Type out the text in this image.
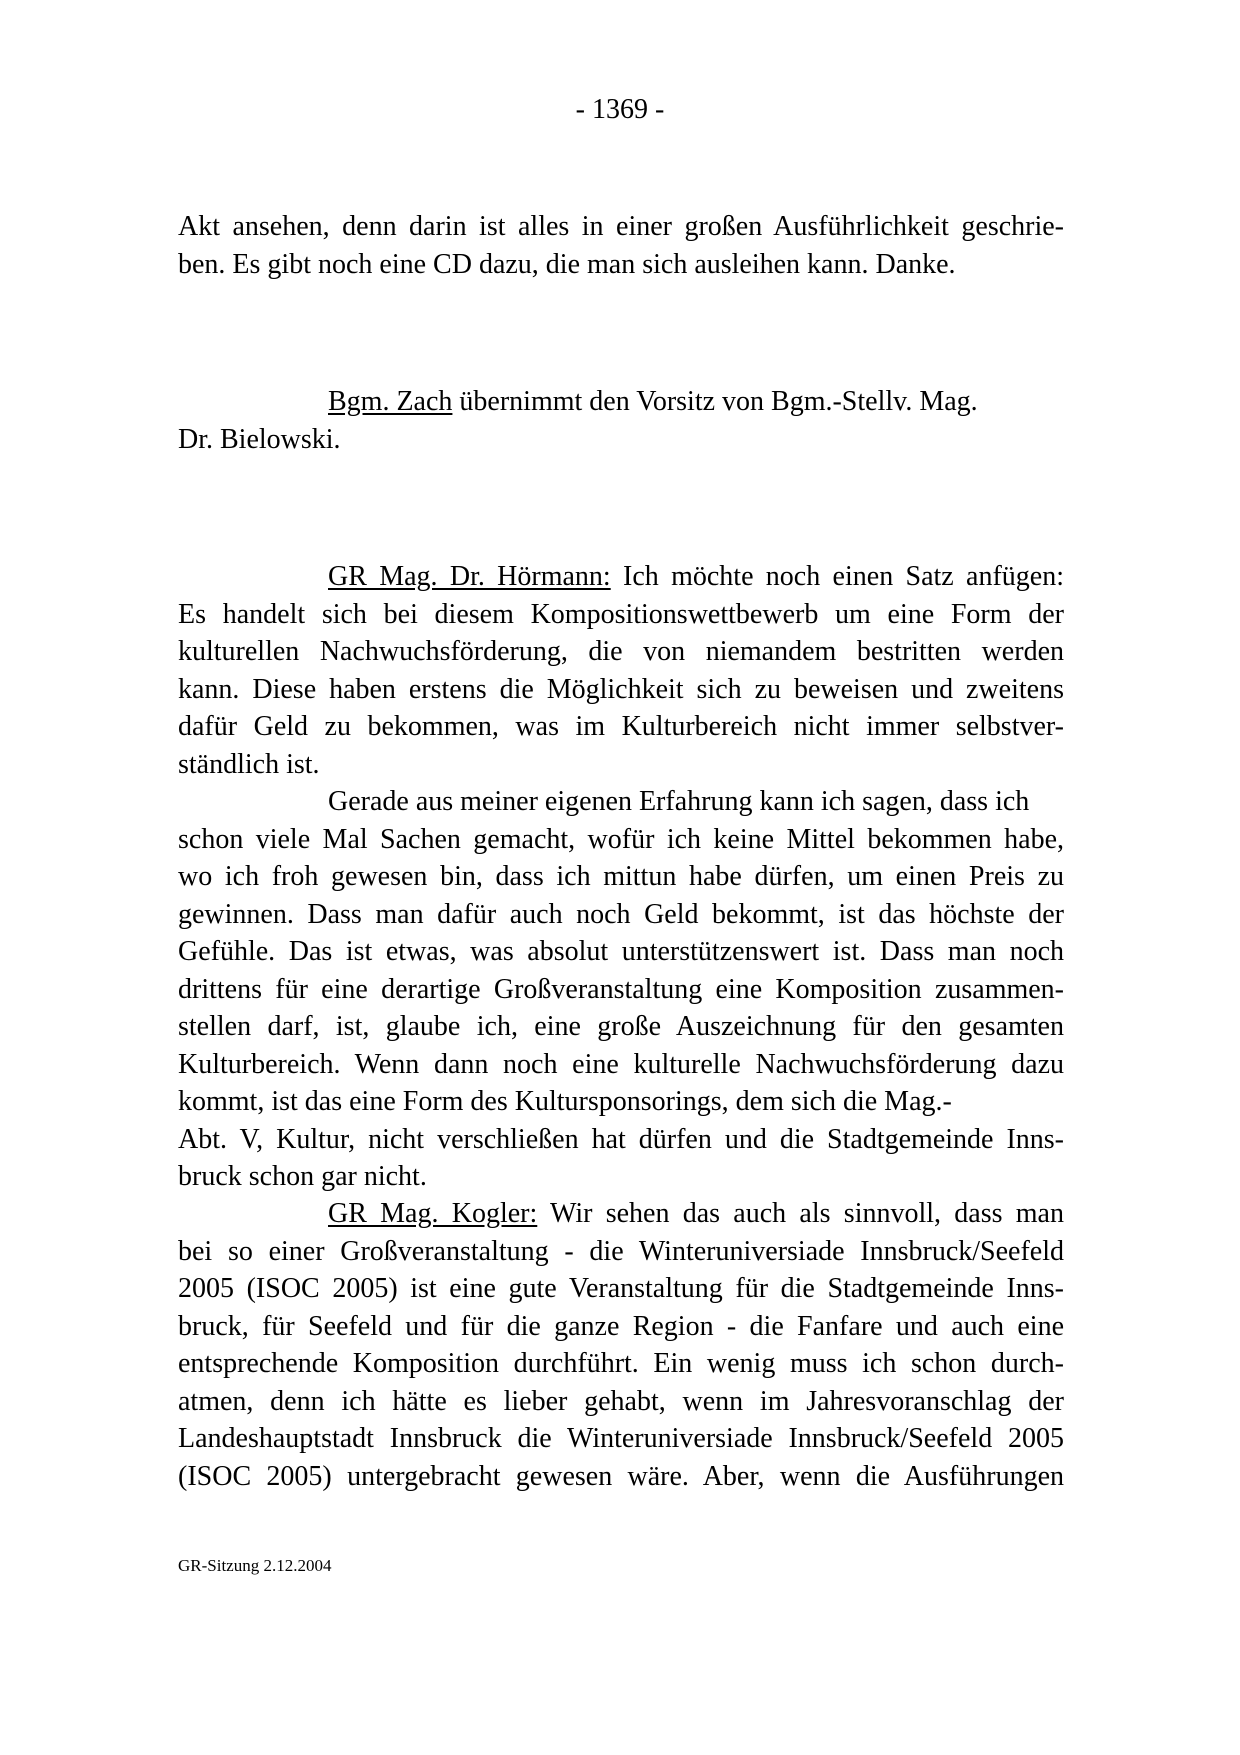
- 1369 -
Akt ansehen, denn darin ist alles in einer großen Ausführlichkeit geschrie-
ben. Es gibt noch eine CD dazu, die man sich ausleihen kann. Danke.
Bgm. Zach übernimmt den Vorsitz von Bgm.-Stellv. Mag.
Dr. Bielowski.
GR Mag. Dr. Hörmann: Ich möchte noch einen Satz anfügen:
Es handelt sich bei diesem Kompositionswettbewerb um eine Form der
kulturellen Nachwuchsförderung, die von niemandem bestritten werden
kann. Diese haben erstens die Möglichkeit sich zu beweisen und zweitens
dafür Geld zu bekommen, was im Kulturbereich nicht immer selbstver-
ständlich ist.
Gerade aus meiner eigenen Erfahrung kann ich sagen, dass ich
schon viele Mal Sachen gemacht, wofür ich keine Mittel bekommen habe,
wo ich froh gewesen bin, dass ich mittun habe dürfen, um einen Preis zu
gewinnen. Dass man dafür auch noch Geld bekommt, ist das höchste der
Gefühle. Das ist etwas, was absolut unterstützenswert ist. Dass man noch
drittens für eine derartige Großveranstaltung eine Komposition zusammen-
stellen darf, ist, glaube ich, eine große Auszeichnung für den gesamten
Kulturbereich. Wenn dann noch eine kulturelle Nachwuchsförderung dazu
kommt, ist das eine Form des Kultursponsorings, dem sich die Mag.-
Abt. V, Kultur, nicht verschließen hat dürfen und die Stadtgemeinde Inns-
bruck schon gar nicht.
GR Mag. Kogler: Wir sehen das auch als sinnvoll, dass man
bei so einer Großveranstaltung - die Winteruniversiade Innsbruck/Seefeld
2005 (ISOC 2005) ist eine gute Veranstaltung für die Stadtgemeinde Inns-
bruck, für Seefeld und für die ganze Region - die Fanfare und auch eine
entsprechende Komposition durchführt. Ein wenig muss ich schon durch-
atmen, denn ich hätte es lieber gehabt, wenn im Jahresvoranschlag der
Landeshauptstadt Innsbruck die Winteruniversiade Innsbruck/Seefeld 2005
(ISOC 2005) untergebracht gewesen wäre. Aber, wenn die Ausführungen
GR-Sitzung 2.12.2004
